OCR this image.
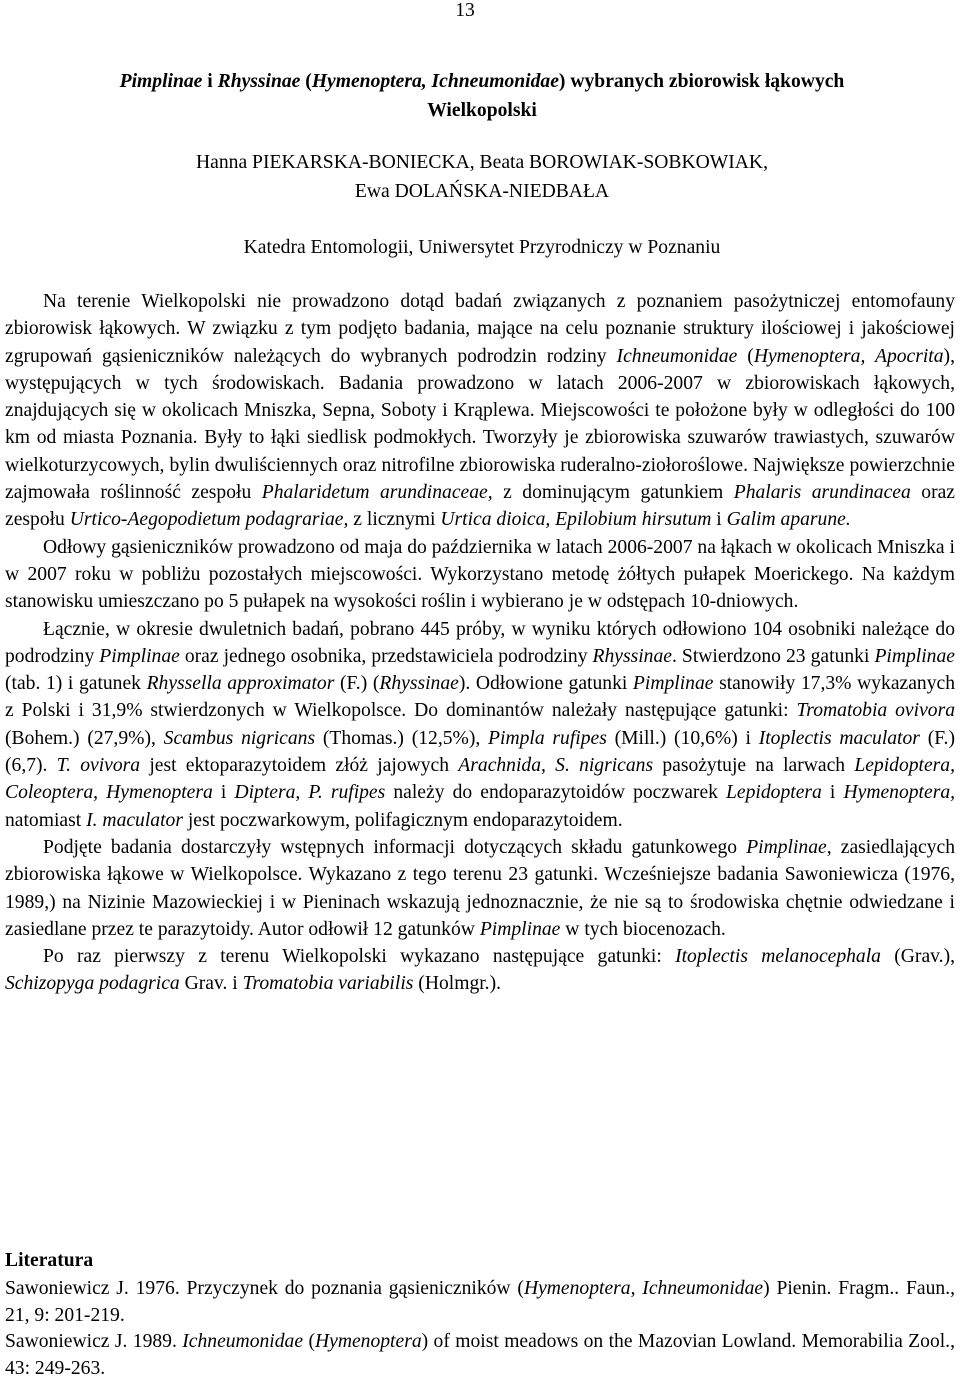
13
Pimplinae i Rhyssinae (Hymenoptera, Ichneumonidae) wybranych zbiorowisk łąkowych
Wielkopolski
Hanna PIEKARSKA-BONIECKA, Beata BOROWIAK-SOBKOWIAK,
Ewa DOLAŃSKA-NIEDBAŁA
Katedra Entomologii, Uniwersytet Przyrodniczy w Poznaniu

Na terenie Wielkopolski nie prowadzono dotąd badań związanych z poznaniem pasożytniczej entomofauny zbiorowisk łąkowych. W związku z tym podjęto badania, mające na celu poznanie struktury ilościowej i jakościowej zgrupowań gąsieniczników należących do wybranych podrodzin rodziny Ichneumonidae (Hymenoptera, Apocrita), występujących w tych środowiskach. Badania prowadzono w latach 2006-2007 w zbiorowiskach łąkowych, znajdujących się w okolicach Mniszka, Sepna, Soboty i Krąplewa. Miejscowości te położone były w odległości do 100 km od miasta Poznania. Były to łąki siedlisk podmokłych. Tworzyły je zbiorowiska szuwarów trawiastych, szuwarów wielkoturzycowych, bylin dwuliściennych oraz nitrofilne zbiorowiska ruderalno-ziołoroślowe. Największe powierzchnie zajmowała roślinność zespołu Phalaridetum arundinaceae, z dominującym gatunkiem Phalaris arundinacea oraz zespołu Urtico-Aegopodietum podagrariae, z licznymi Urtica dioica, Epilobium hirsutum i Galim aparune.

Odłowy gąsieniczników prowadzono od maja do października w latach 2006-2007 na łąkach w okolicach Mniszka i w 2007 roku w pobliżu pozostałych miejscowości. Wykorzystano metodę żółtych pułapek Moerickego. Na każdym stanowisku umieszczano po 5 pułapek na wysokości roślin i wybierano je w odstępach 10-dniowych.

Łącznie, w okresie dwuletnich badań, pobrano 445 próby, w wyniku których odłowiono 104 osobniki należące do podrodziny Pimplinae oraz jednego osobnika, przedstawiciela podrodziny Rhyssinae. Stwierdzono 23 gatunki Pimplinae (tab. 1) i gatunek Rhyssella approximator (F.) (Rhyssinae). Odłowione gatunki Pimplinae stanowiły 17,3% wykazanych z Polski i 31,9% stwierdzonych w Wielkopolsce. Do dominantów należały następujące gatunki: Tromatobia ovivora (Bohem.) (27,9%), Scambus nigricans (Thomas.) (12,5%), Pimpla rufipes (Mill.) (10,6%) i Itoplectis maculator (F.) (6,7). T. ovivora jest ektoparazytoidem złóż jajowych Arachnida, S. nigricans pasożytuje na larwach Lepidoptera, Coleoptera, Hymenoptera i Diptera, P. rufipes należy do endoparazytoidów poczwarek Lepidoptera i Hymenoptera, natomiast I. maculator jest poczwarkowym, polifagicznym endoparazytoidem.

Podjęte badania dostarczyły wstępnych informacji dotyczących składu gatunkowego Pimplinae, zasiedlających zbiorowiska łąkowe w Wielkopolsce. Wykazano z tego terenu 23 gatunki. Wcześniejsze badania Sawoniewicza (1976, 1989,) na Nizinie Mazowieckiej i w Pieninach wskazują jednoznacznie, że nie są to środowiska chętnie odwiedzane i zasiedlane przez te parazytoidy. Autor odłowił 12 gatunków Pimplinae w tych biocenozach.

Po raz pierwszy z terenu Wielkopolski wykazano następujące gatunki: Itoplectis melanocephala (Grav.), Schizopyga podagrica Grav. i Tromatobia variabilis (Holmgr.).

Literatura

Sawoniewicz J. 1976. Przyczynek do poznania gąsieniczników (Hymenoptera, Ichneumonidae) Pienin. Fragm.. Faun., 21, 9: 201-219.

Sawoniewicz J. 1989. Ichneumonidae (Hymenoptera) of moist meadows on the Mazovian Lowland. Memorabilia Zool., 43: 249-263.
